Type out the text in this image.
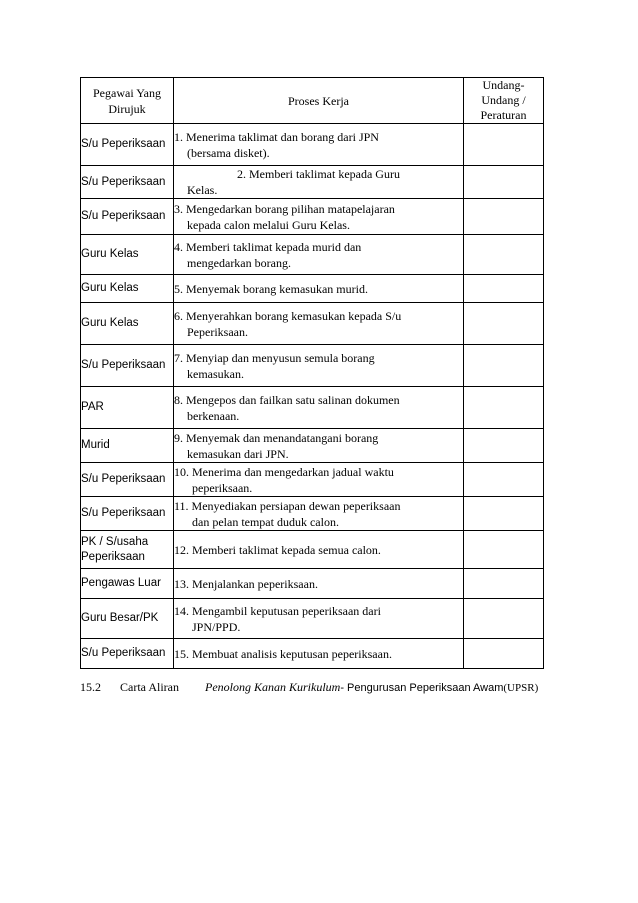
Pegawai Yang Dirujuk	Proses Kerja	Undang- Undang / Peraturan
S/u Peperiksaan	1. Menerima taklimat dan borang dari JPN
(bersama disket).	

S/u Peperiksaan	2. Memberi taklimat kepada Guru
Kelas.	

S/u Peperiksaan	3. Mengedarkan borang pilihan matapelajaran
kepada calon melalui Guru Kelas.	

Guru Kelas	4. Memberi taklimat kepada murid dan
mengedarkan borang.	

Guru Kelas	5. Menyemak borang kemasukan murid.	

Guru Kelas	6. Menyerahkan borang kemasukan kepada S/u
Peperiksaan.	

S/u Peperiksaan	7. Menyiap dan menyusun semula borang
kemasukan.	

PAR	8. Mengepos dan failkan satu salinan dokumen
berkenaan.	

Murid	9. Menyemak dan menandatangani borang
kemasukan dari JPN.	

S/u Peperiksaan	10. Menerima dan mengedarkan jadual waktu
peperiksaan.	

S/u Peperiksaan	11. Menyediakan persiapan dewan peperiksaan
dan pelan tempat duduk calon.	

PK / S/usaha Peperiksaan	12. Memberi taklimat kepada semua calon.	

Pengawas Luar	13. Menjalankan peperiksaan.	

Guru Besar/PK	14. Mengambil keputusan peperiksaan dari
JPN/PPD.	

S/u Peperiksaan	15. Membuat analisis keputusan peperiksaan.	

15.2 Carta Aliran Penolong Kanan Kurikulum- Pengurusan Peperiksaan Awam(UPSR)
